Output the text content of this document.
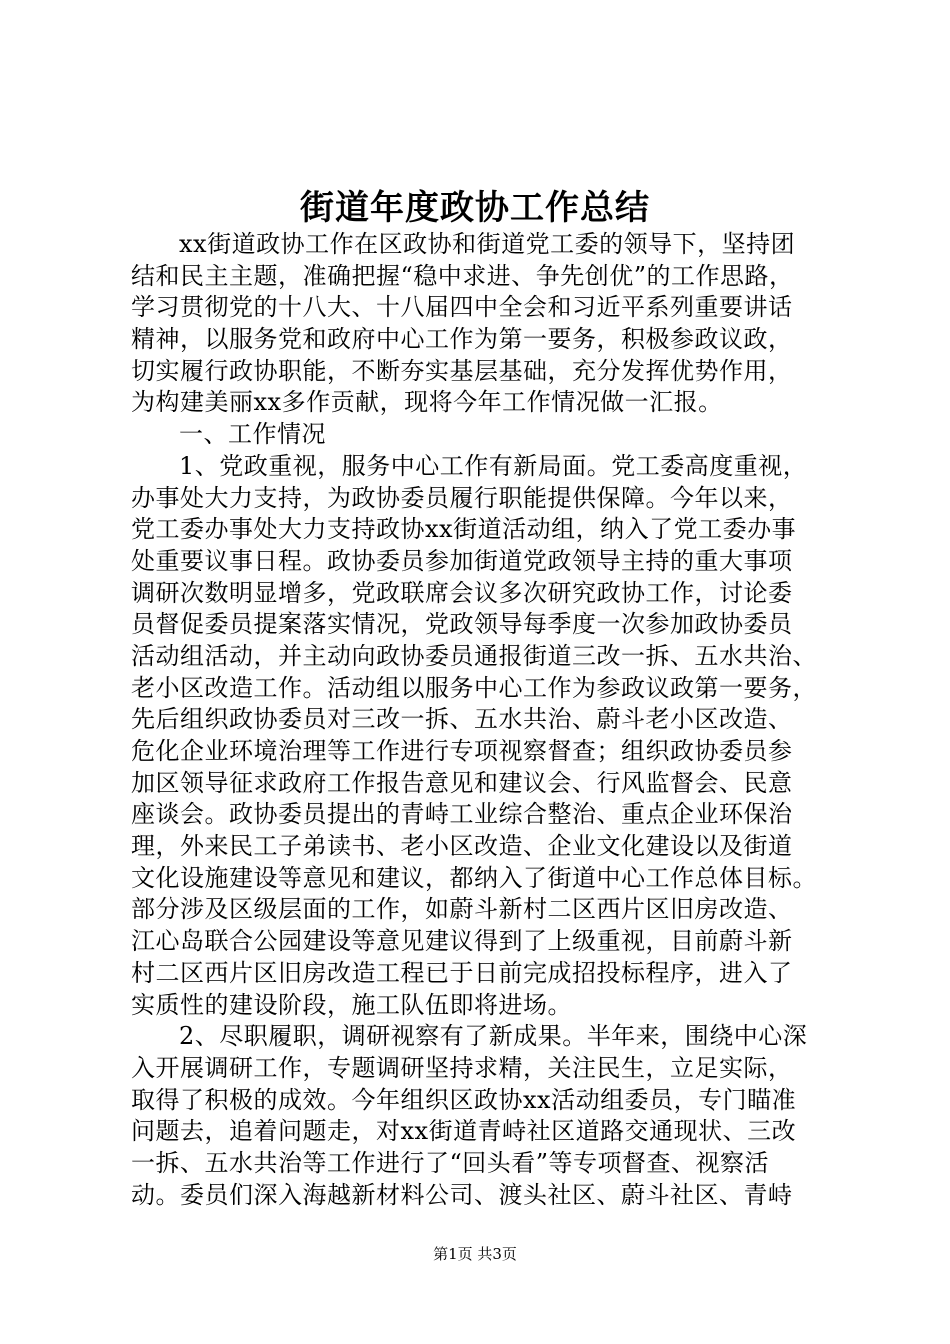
街道年度政协工作总结
xx街道政协工作在区政协和街道党工委的领导下，坚持团
结和民主主题，准确把握“稳中求进、争先创优”的工作思路，
学习贯彻党的十八大、十八届四中全会和习近平系列重要讲话
精神，以服务党和政府中心工作为第一要务，积极参政议政，
切实履行政协职能，不断夯实基层基础，充分发挥优势作用，
为构建美丽xx多作贡献，现将今年工作情况做一汇报。
一、工作情况
1、党政重视，服务中心工作有新局面。党工委高度重视，
办事处大力支持，为政协委员履行职能提供保障。今年以来，
党工委办事处大力支持政协xx街道活动组，纳入了党工委办事
处重要议事日程。政协委员参加街道党政领导主持的重大事项
调研次数明显增多，党政联席会议多次研究政协工作，讨论委
员督促委员提案落实情况，党政领导每季度一次参加政协委员
活动组活动，并主动向政协委员通报街道三改一拆、五水共治、
老小区改造工作。活动组以服务中心工作为参政议政第一要务，
先后组织政协委员对三改一拆、五水共治、蔚斗老小区改造、
危化企业环境治理等工作进行专项视察督查；组织政协委员参
加区领导征求政府工作报告意见和建议会、行风监督会、民意
座谈会。政协委员提出的青峙工业综合整治、重点企业环保治
理，外来民工子弟读书、老小区改造、企业文化建设以及街道
文化设施建设等意见和建议，都纳入了街道中心工作总体目标。
部分涉及区级层面的工作，如蔚斗新村二区西片区旧房改造、
江心岛联合公园建设等意见建议得到了上级重视，目前蔚斗新
村二区西片区旧房改造工程已于日前完成招投标程序，进入了
实质性的建设阶段，施工队伍即将进场。
2、尽职履职，调研视察有了新成果。半年来，围绕中心深
入开展调研工作，专题调研坚持求精，关注民生，立足实际，
取得了积极的成效。今年组织区政协xx活动组委员，专门瞄准
问题去，追着问题走，对xx街道青峙社区道路交通现状、三改
一拆、五水共治等工作进行了“回头看”等专项督查、视察活
动。委员们深入海越新材料公司、渡头社区、蔚斗社区、青峙
第1页 共3页
